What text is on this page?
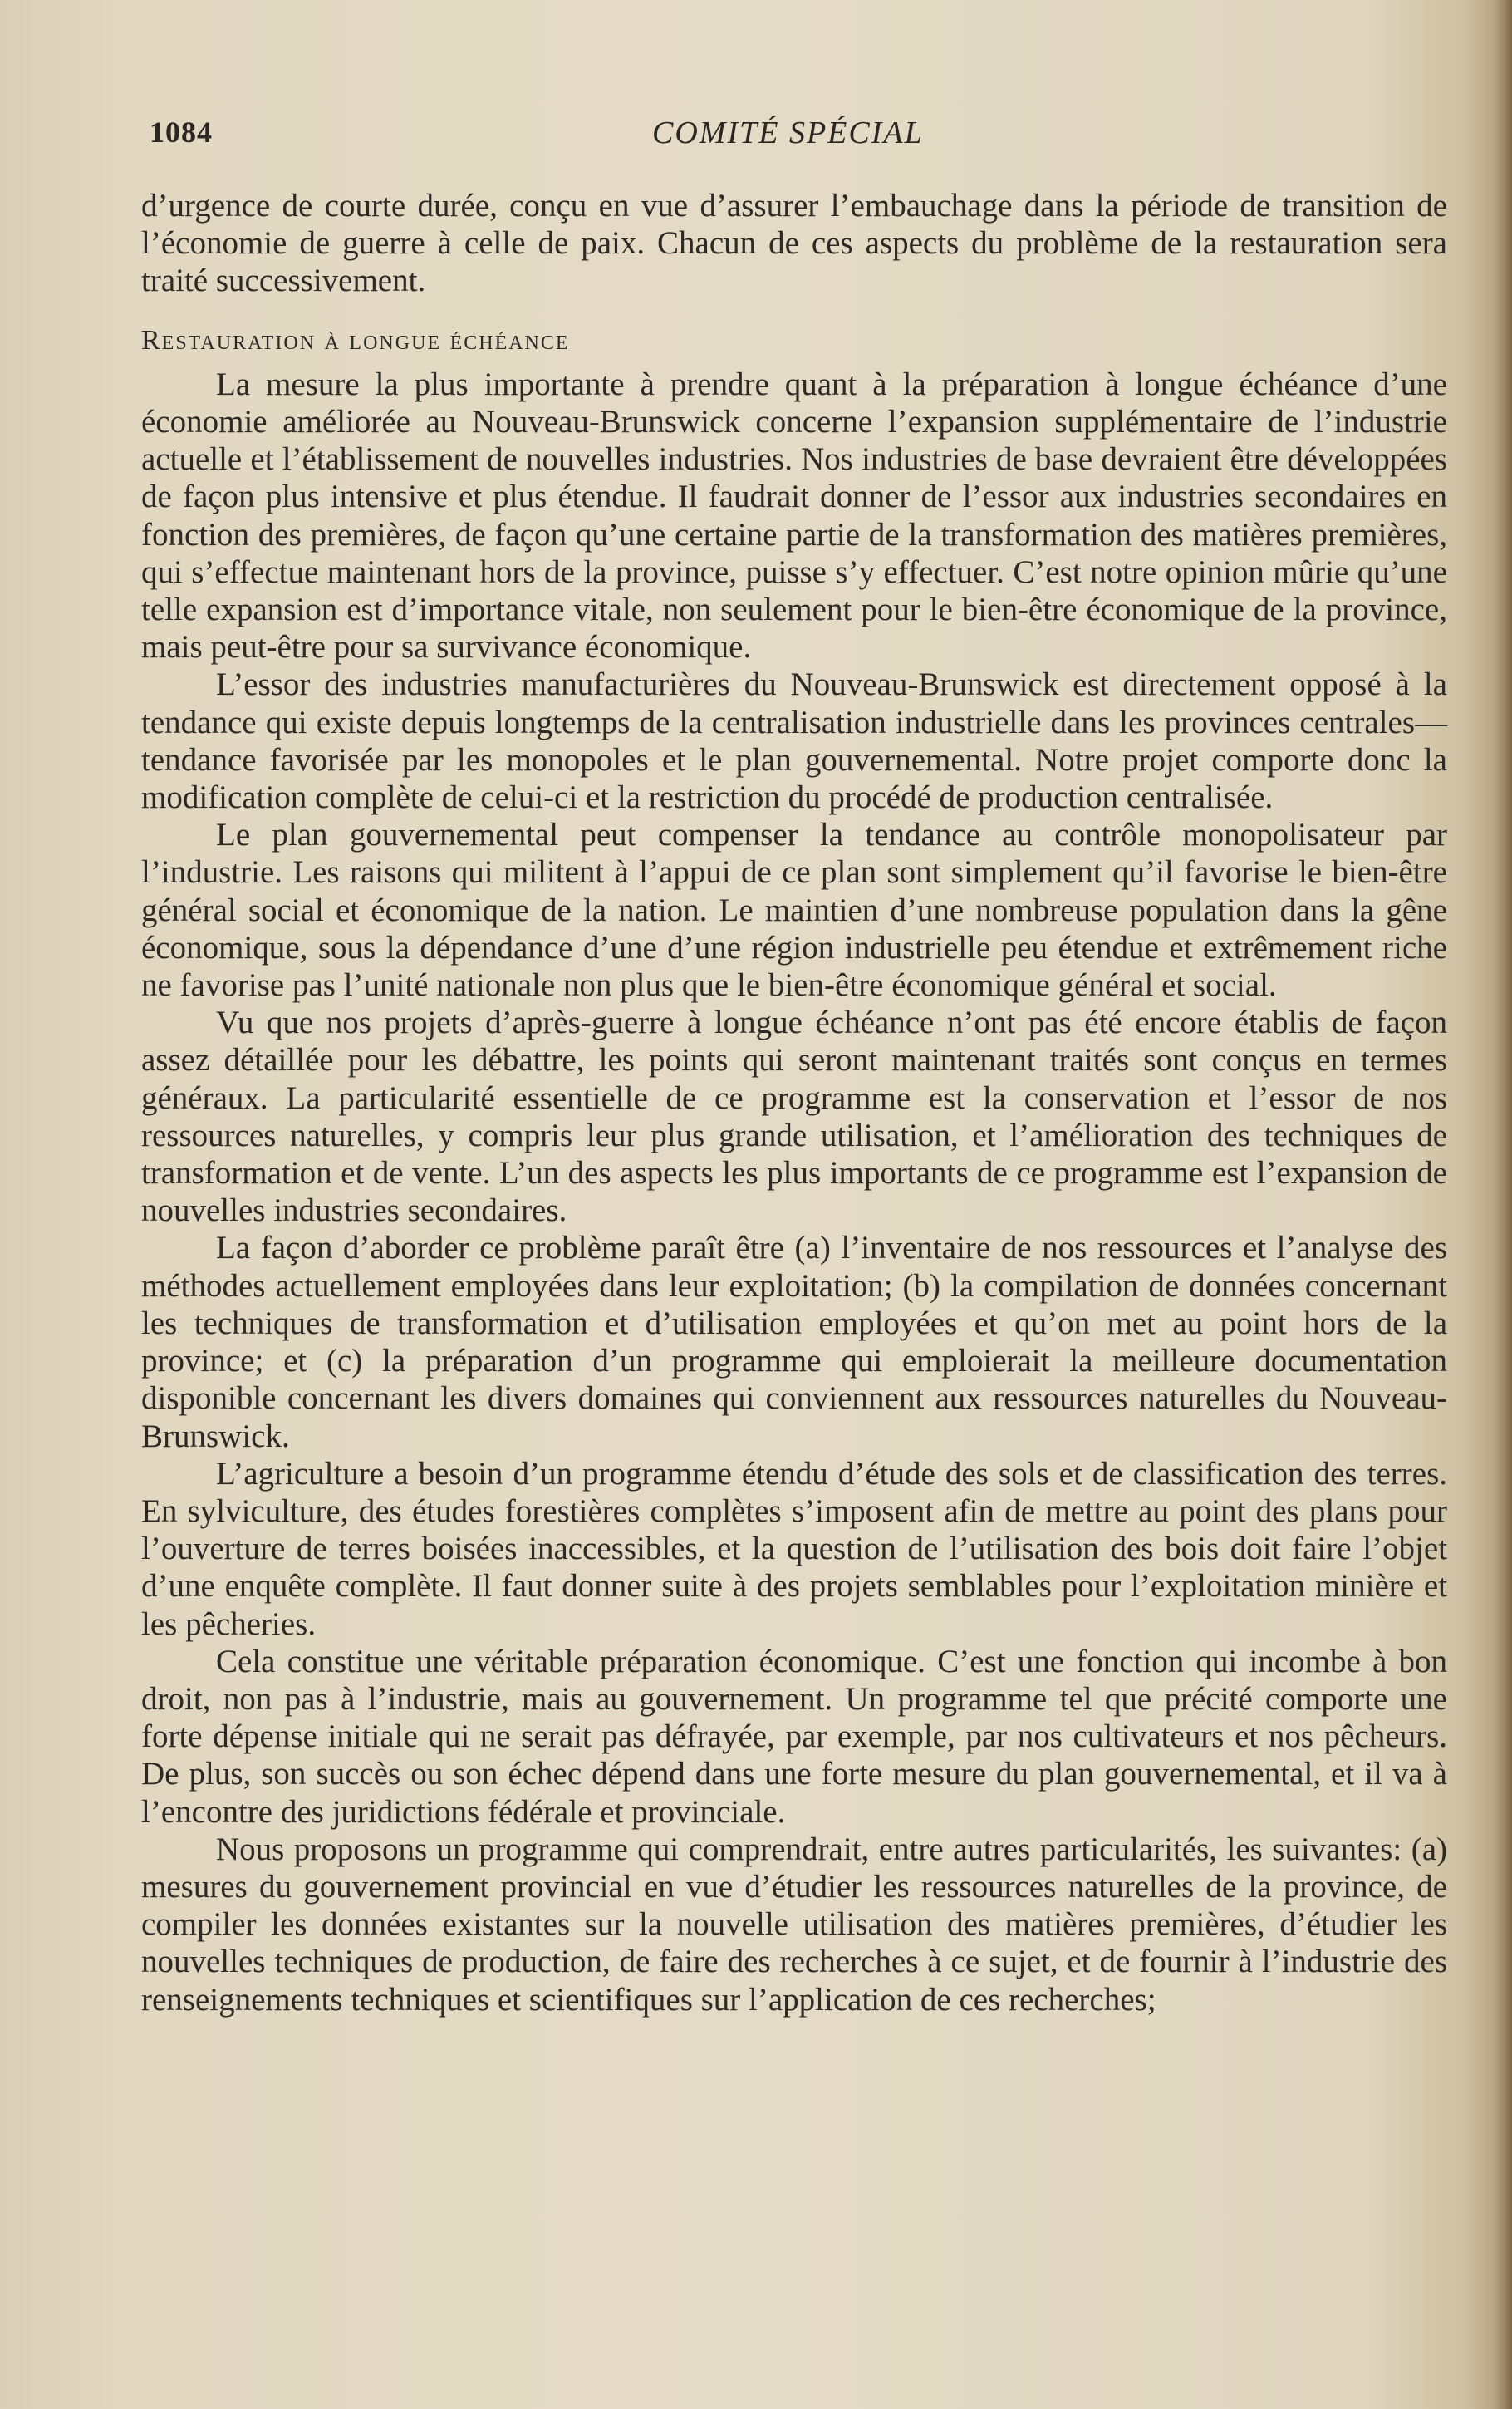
1084	COMITÉ SPÉCIAL

d’urgence de courte durée, conçu en vue d’assurer l’embauchage dans la période de transition de l’économie de guerre à celle de paix. Chacun de ces aspects du problème de la restauration sera traité successivement.

Restauration à longue échéance

La mesure la plus importante à prendre quant à la préparation à longue échéance d’une économie améliorée au Nouveau-Brunswick concerne l’expansion supplémentaire de l’industrie actuelle et l’établissement de nouvelles industries. Nos industries de base devraient être développées de façon plus intensive et plus étendue. Il faudrait donner de l’essor aux industries secondaires en fonction des premières, de façon qu’une certaine partie de la transformation des matières premières, qui s’effectue maintenant hors de la province, puisse s’y effectuer. C’est notre opinion mûrie qu’une telle expansion est d’importance vitale, non seulement pour le bien-être économique de la province, mais peut-être pour sa survivance économique.

L’essor des industries manufacturières du Nouveau-Brunswick est directement opposé à la tendance qui existe depuis longtemps de la centralisation industrielle dans les provinces centrales—tendance favorisée par les monopoles et le plan gouvernemental. Notre projet comporte donc la modification complète de celui-ci et la restriction du procédé de production centralisée.

Le plan gouvernemental peut compenser la tendance au contrôle monopolisateur par l’industrie. Les raisons qui militent à l’appui de ce plan sont simplement qu’il favorise le bien-être général social et économique de la nation. Le maintien d’une nombreuse population dans la gêne économique, sous la dépendance d’une d’une région industrielle peu étendue et extrêmement riche ne favorise pas l’unité nationale non plus que le bien-être économique général et social.

Vu que nos projets d’après-guerre à longue échéance n’ont pas été encore établis de façon assez détaillée pour les débattre, les points qui seront maintenant traités sont conçus en termes généraux. La particularité essentielle de ce programme est la conservation et l’essor de nos ressources naturelles, y compris leur plus grande utilisation, et l’amélioration des techniques de transformation et de vente. L’un des aspects les plus importants de ce programme est l’expansion de nouvelles industries secondaires.

La façon d’aborder ce problème paraît être (a) l’inventaire de nos ressources et l’analyse des méthodes actuellement employées dans leur exploitation; (b) la compilation de données concernant les techniques de transformation et d’utilisation employées et qu’on met au point hors de la province; et (c) la préparation d’un programme qui emploierait la meilleure documentation disponible concernant les divers domaines qui conviennent aux ressources naturelles du Nouveau-Brunswick.

L’agriculture a besoin d’un programme étendu d’étude des sols et de classification des terres. En sylviculture, des études forestières complètes s’imposent afin de mettre au point des plans pour l’ouverture de terres boisées inaccessibles, et la question de l’utilisation des bois doit faire l’objet d’une enquête complète. Il faut donner suite à des projets semblables pour l’exploitation minière et les pêcheries.

Cela constitue une véritable préparation économique. C’est une fonction qui incombe à bon droit, non pas à l’industrie, mais au gouvernement. Un programme tel que précité comporte une forte dépense initiale qui ne serait pas défrayée, par exemple, par nos cultivateurs et nos pêcheurs. De plus, son succès ou son échec dépend dans une forte mesure du plan gouvernemental, et il va à l’encontre des juridictions fédérale et provinciale.

Nous proposons un programme qui comprendrait, entre autres particularités, les suivantes: (a) mesures du gouvernement provincial en vue d’étudier les ressources naturelles de la province, de compiler les données existantes sur la nouvelle utilisation des matières premières, d’étudier les nouvelles techniques de production, de faire des recherches à ce sujet, et de fournir à l’industrie des renseignements techniques et scientifiques sur l’application de ces recherches;
